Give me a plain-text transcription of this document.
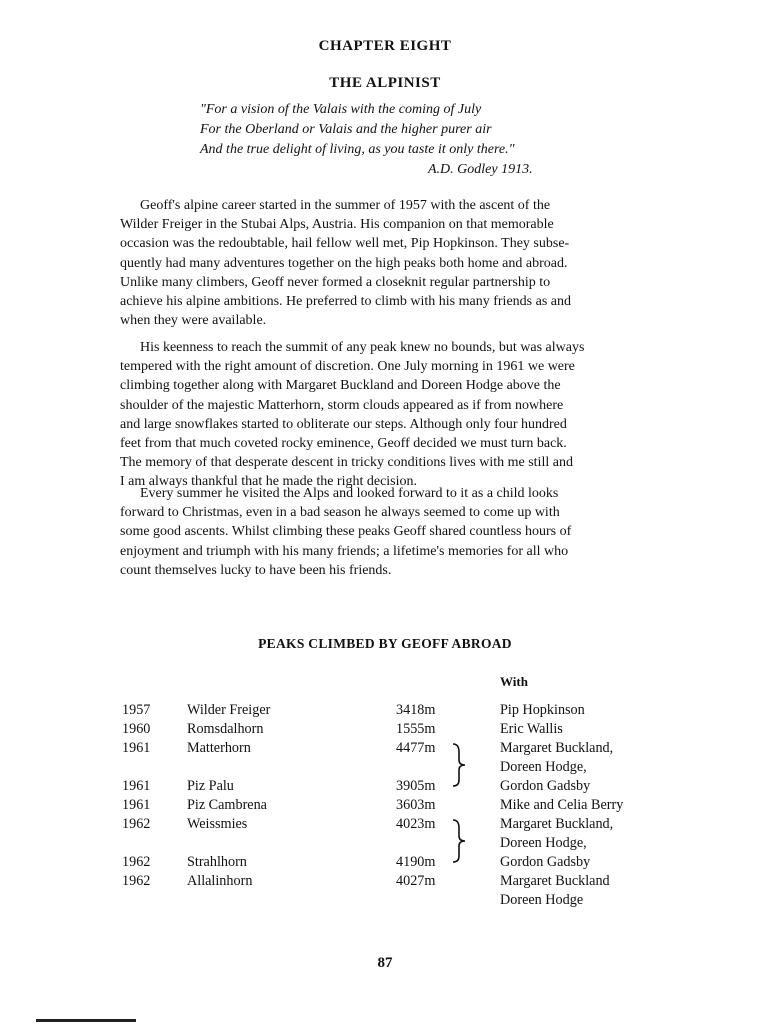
CHAPTER EIGHT
THE ALPINIST
"For a vision of the Valais with the coming of July
For the Oberland or Valais and the higher purer air
And the true delight of living, as you taste it only there."
A.D. Godley 1913.
Geoff's alpine career started in the summer of 1957 with the ascent of the
Wilder Freiger in the Stubai Alps, Austria. His companion on that memorable
occasion was the redoubtable, hail fellow well met, Pip Hopkinson. They subse-
quently had many adventures together on the high peaks both home and abroad.
Unlike many climbers, Geoff never formed a closeknit regular partnership to
achieve his alpine ambitions. He preferred to climb with his many friends as and
when they were available.
His keenness to reach the summit of any peak knew no bounds, but was always
tempered with the right amount of discretion. One July morning in 1961 we were
climbing together along with Margaret Buckland and Doreen Hodge above the
shoulder of the majestic Matterhorn, storm clouds appeared as if from nowhere
and large snowflakes started to obliterate our steps. Although only four hundred
feet from that much coveted rocky eminence, Geoff decided we must turn back.
The memory of that desperate descent in tricky conditions lives with me still and
I am always thankful that he made the right decision.
Every summer he visited the Alps and looked forward to it as a child looks
forward to Christmas, even in a bad season he always seemed to come up with
some good ascents. Whilst climbing these peaks Geoff shared countless hours of
enjoyment and triumph with his many friends; a lifetime's memories for all who
count themselves lucky to have been his friends.
PEAKS CLIMBED BY GEOFF ABROAD
With
1957	Wilder Freiger	3418m	Pip Hopkinson
1960	Romsdalhorn	1555m	Eric Wallis
1961	Matterhorn	4477m	Margaret Buckland,
Doreen Hodge,
1961	Piz Palu	3905m	Gordon Gadsby
1961	Piz Cambrena	3603m	Mike and Celia Berry
1962	Weissmies	4023m	Margaret Buckland,
Doreen Hodge,
1962	Strahlhorn	4190m	Gordon Gadsby
1962	Allalinhorn	4027m	Margaret Buckland
Doreen Hodge
87
